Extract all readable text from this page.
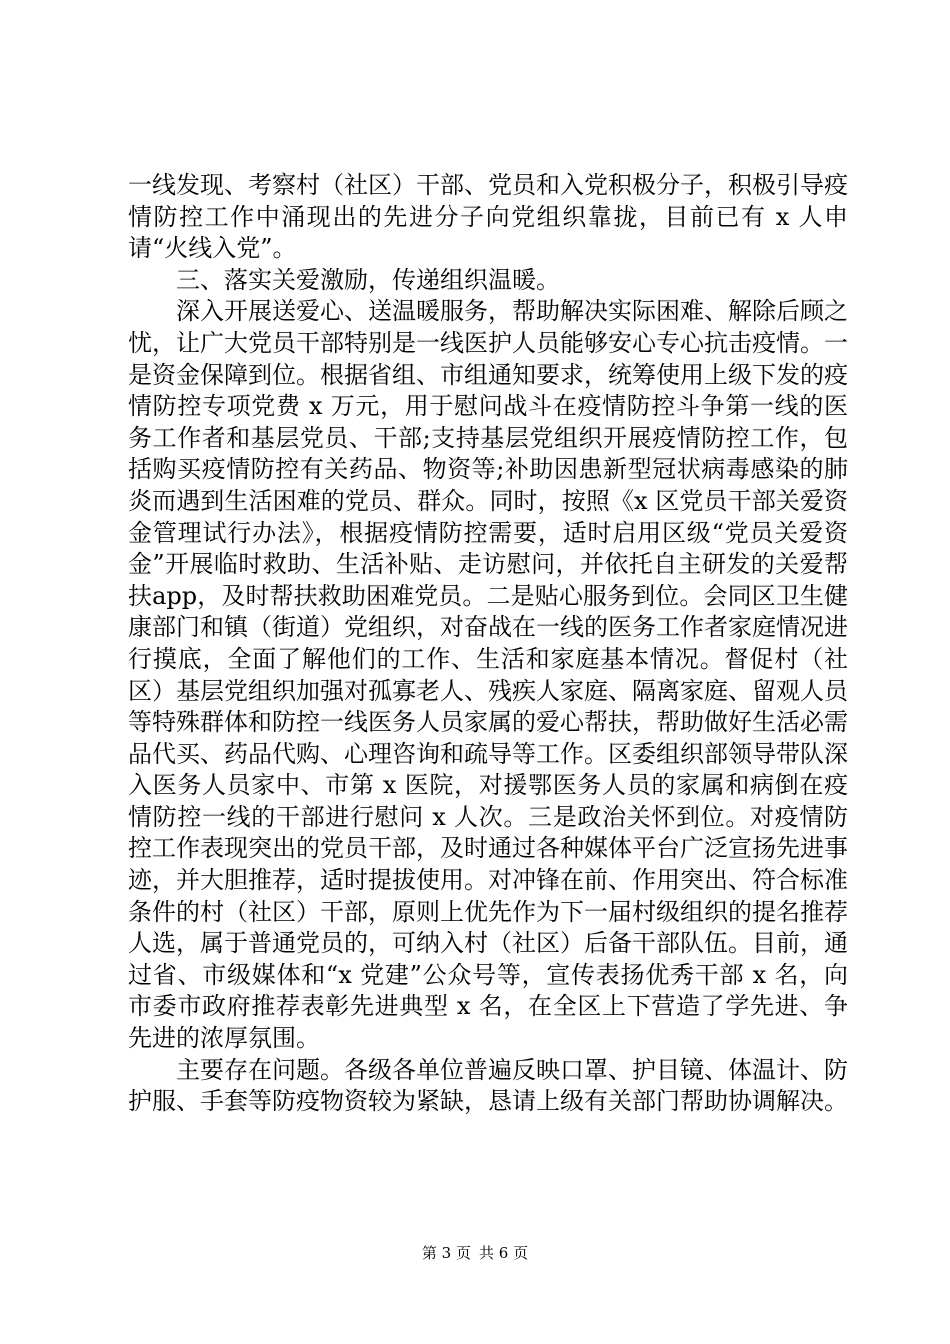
一线发现、考察村（社区）干部、党员和入党积极分子，积极引导疫情防控工作中涌现出的先进分子向党组织靠拢，目前已有 x 人申请“火线入党”。

三、落实关爱激励，传递组织温暖。

深入开展送爱心、送温暖服务，帮助解决实际困难、解除后顾之忧，让广大党员干部特别是一线医护人员能够安心专心抗击疫情。一是资金保障到位。根据省组、市组通知要求，统筹使用上级下发的疫情防控专项党费 x 万元，用于慰问战斗在疫情防控斗争第一线的医务工作者和基层党员、干部;支持基层党组织开展疫情防控工作，包括购买疫情防控有关药品、物资等;补助因患新型冠状病毒感染的肺炎而遇到生活困难的党员、群众。同时，按照《x 区党员干部关爱资金管理试行办法》，根据疫情防控需要，适时启用区级“党员关爱资金”开展临时救助、生活补贴、走访慰问，并依托自主研发的关爱帮扶app，及时帮扶救助困难党员。二是贴心服务到位。会同区卫生健康部门和镇（街道）党组织，对奋战在一线的医务工作者家庭情况进行摸底，全面了解他们的工作、生活和家庭基本情况。督促村（社区）基层党组织加强对孤寡老人、残疾人家庭、隔离家庭、留观人员等特殊群体和防控一线医务人员家属的爱心帮扶，帮助做好生活必需品代买、药品代购、心理咨询和疏导等工作。区委组织部领导带队深入医务人员家中、市第 x 医院，对援鄂医务人员的家属和病倒在疫情防控一线的干部进行慰问 x 人次。三是政治关怀到位。对疫情防控工作表现突出的党员干部，及时通过各种媒体平台广泛宣扬先进事迹，并大胆推荐，适时提拔使用。对冲锋在前、作用突出、符合标准条件的村（社区）干部，原则上优先作为下一届村级组织的提名推荐人选，属于普通党员的，可纳入村（社区）后备干部队伍。目前，通过省、市级媒体和“x 党建”公众号等，宣传表扬优秀干部 x 名，向市委市政府推荐表彰先进典型 x 名，在全区上下营造了学先进、争先进的浓厚氛围。

主要存在问题。各级各单位普遍反映口罩、护目镜、体温计、防护服、手套等防疫物资较为紧缺，恳请上级有关部门帮助协调解决。

第 3 页 共 6 页
